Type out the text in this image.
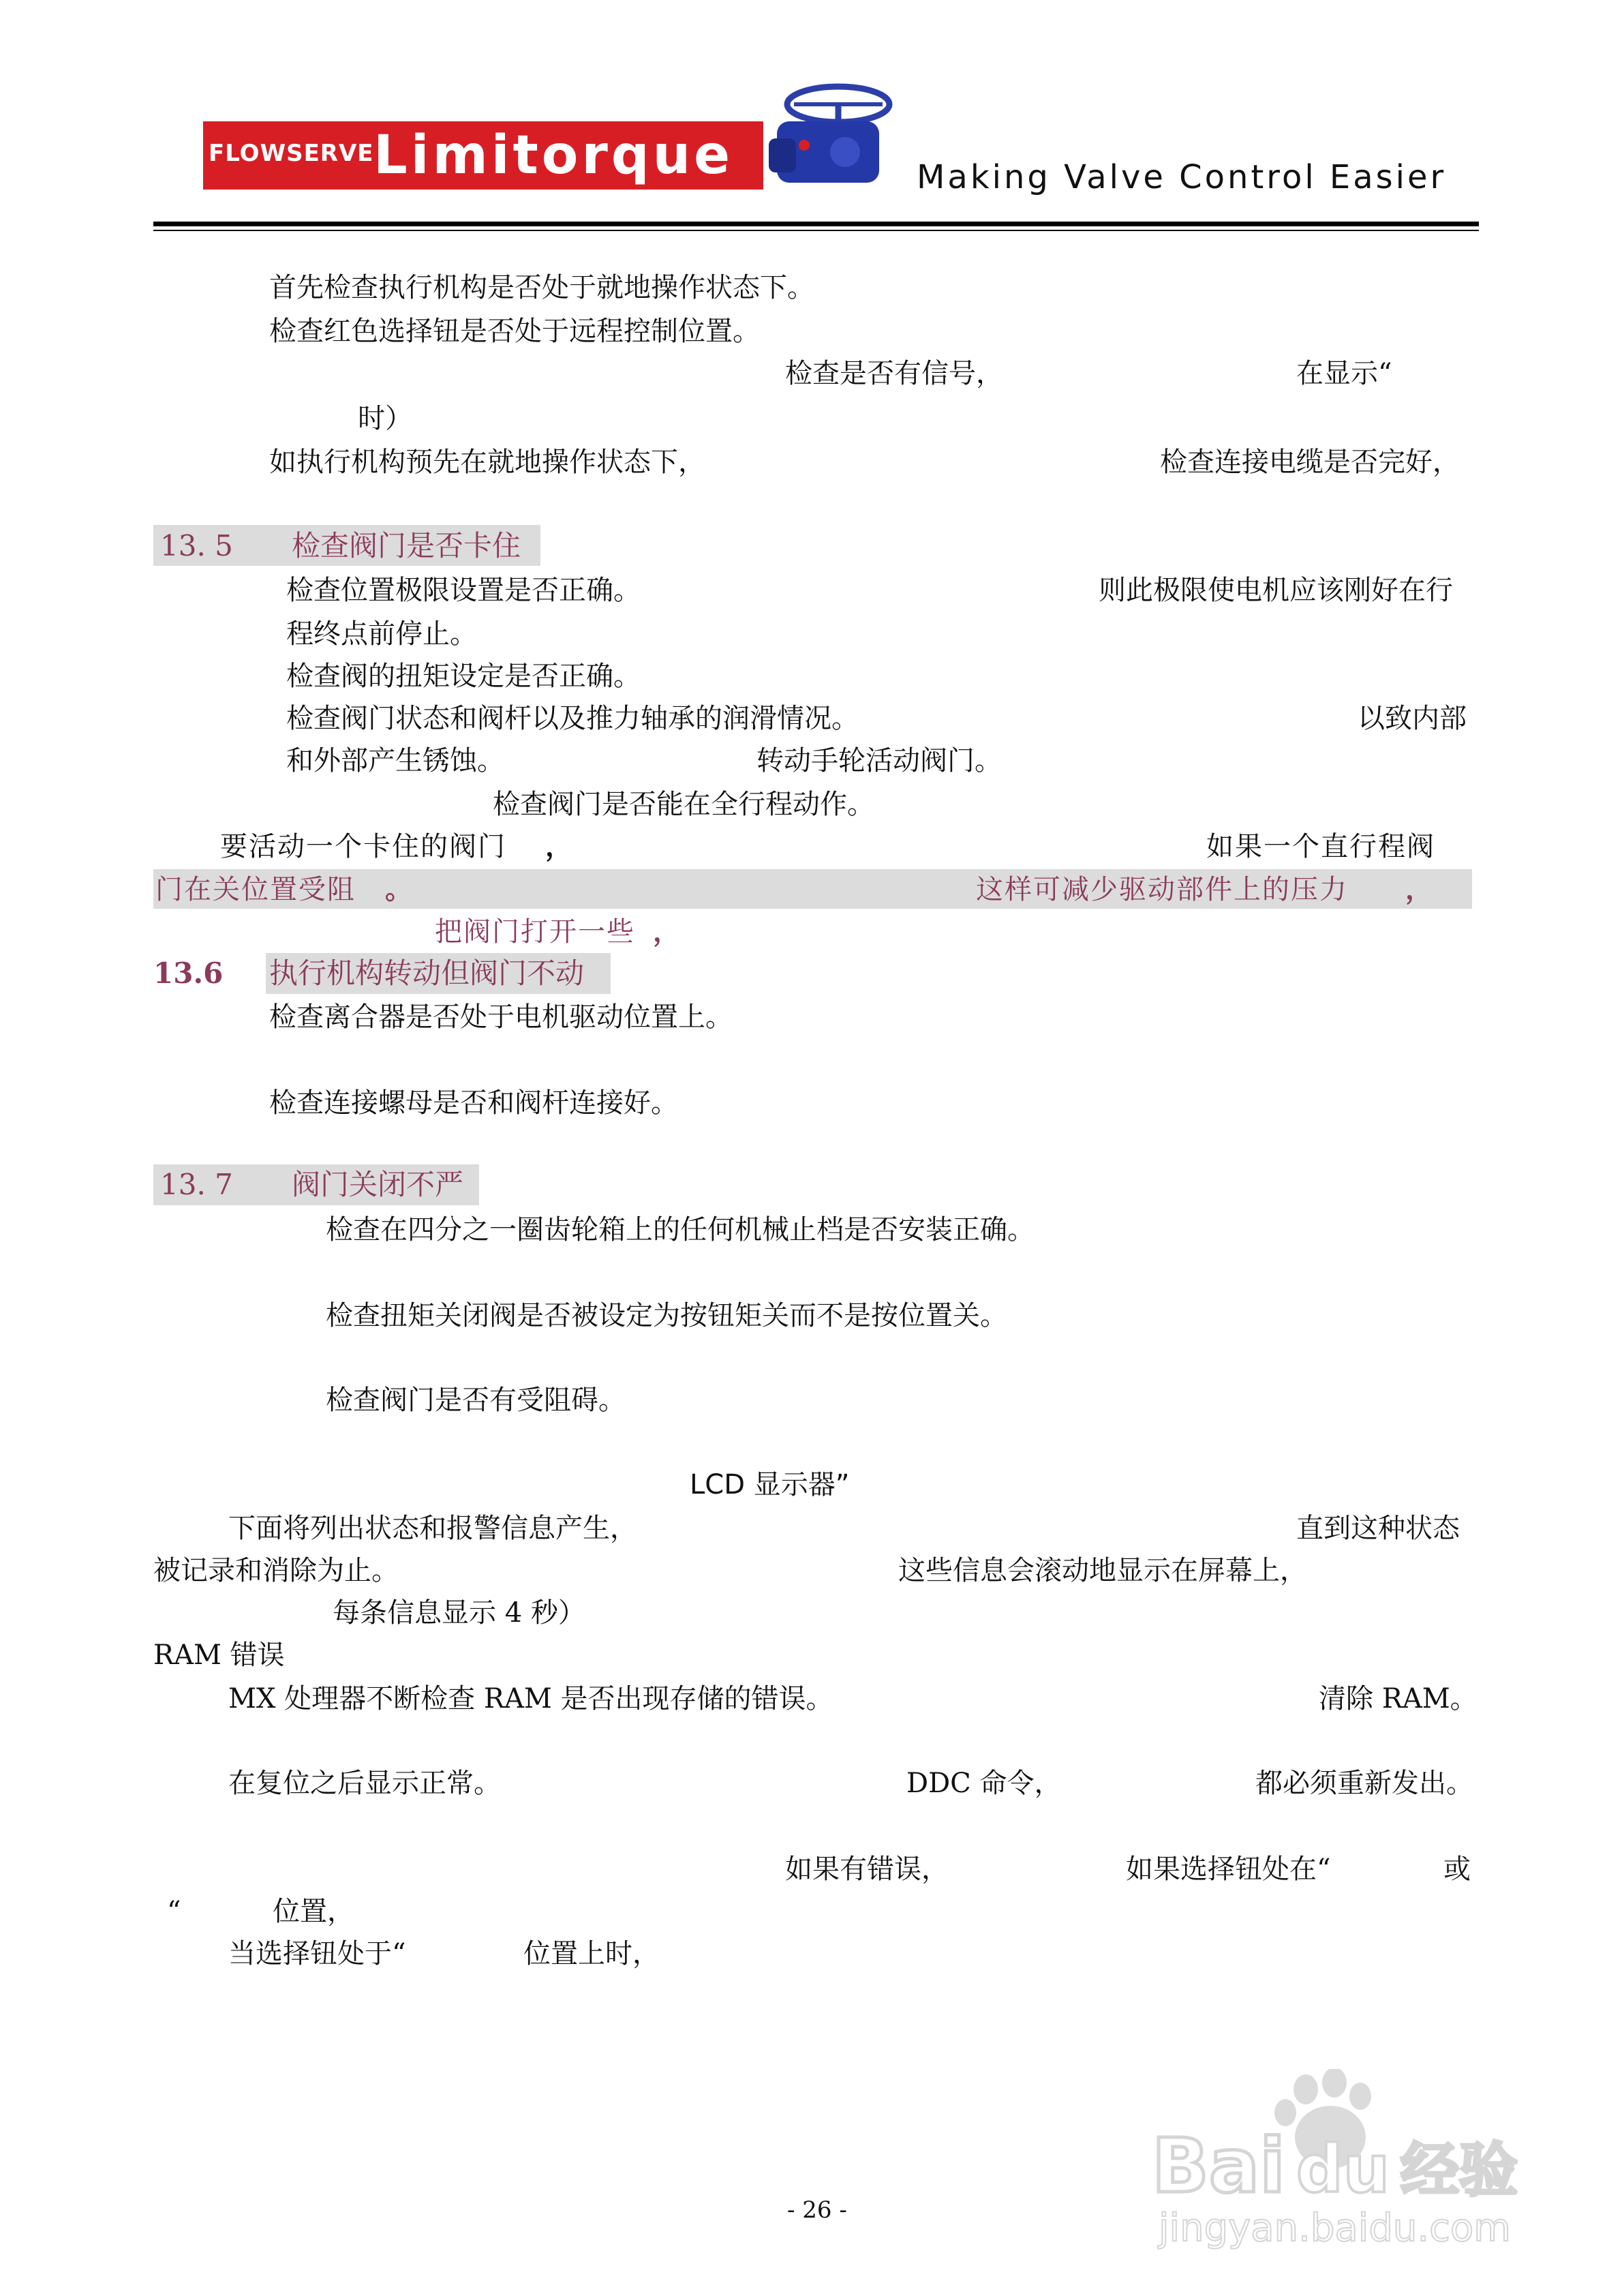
FLOWSERVE Limitorque	Making Valve Control Easier
首先检查执行机构是否处于就地操作状态下。
检查红色选择钮是否处于远程控制位置。
检查是否有信号，	在显示“
时）
如执行机构预先在就地操作状态下，	检查连接电缆是否完好，
13. 5 检查阀门是否卡住
检查位置极限设置是否正确。	则此极限使电机应该刚好在行
程终点前停止。
检查阀的扭矩设定是否正确。
检查阀门状态和阀杆以及推力轴承的润滑情况。	以致内部
和外部产生锈蚀。	转动手轮活动阀门。
检查阀门是否能在全行程动作。
要活动一个卡住的阀门 ，	如果一个直行程阀
门在关位置受阻 。	这样可减少驱动部件上的压力 ，
把阀门打开一些 ，
13.6 执行机构转动但阀门不动
检查离合器是否处于电机驱动位置上。
检查连接螺母是否和阀杆连接好。
13. 7 阀门关闭不严
检查在四分之一圈齿轮箱上的任何机械止档是否安装正确。
检查扭矩关闭阀是否被设定为按钮矩关而不是按位置关。
检查阀门是否有受阻碍。
LCD 显示器”
下面将列出状态和报警信息产生，	直到这种状态
被记录和消除为止。	这些信息会滚动地显示在屏幕上，
每条信息显示 4 秒）
RAM 错误
MX 处理器不断检查 RAM 是否出现存储的错误。	清除 RAM。
在复位之后显示正常。	DDC 命令，	都必须重新发出。
如果有错误，	如果选择钮处在“	或
“	位置，
当选择钮处于“	位置上时，
- 26 -
Bai du 经验
jingyan.baidu.com
